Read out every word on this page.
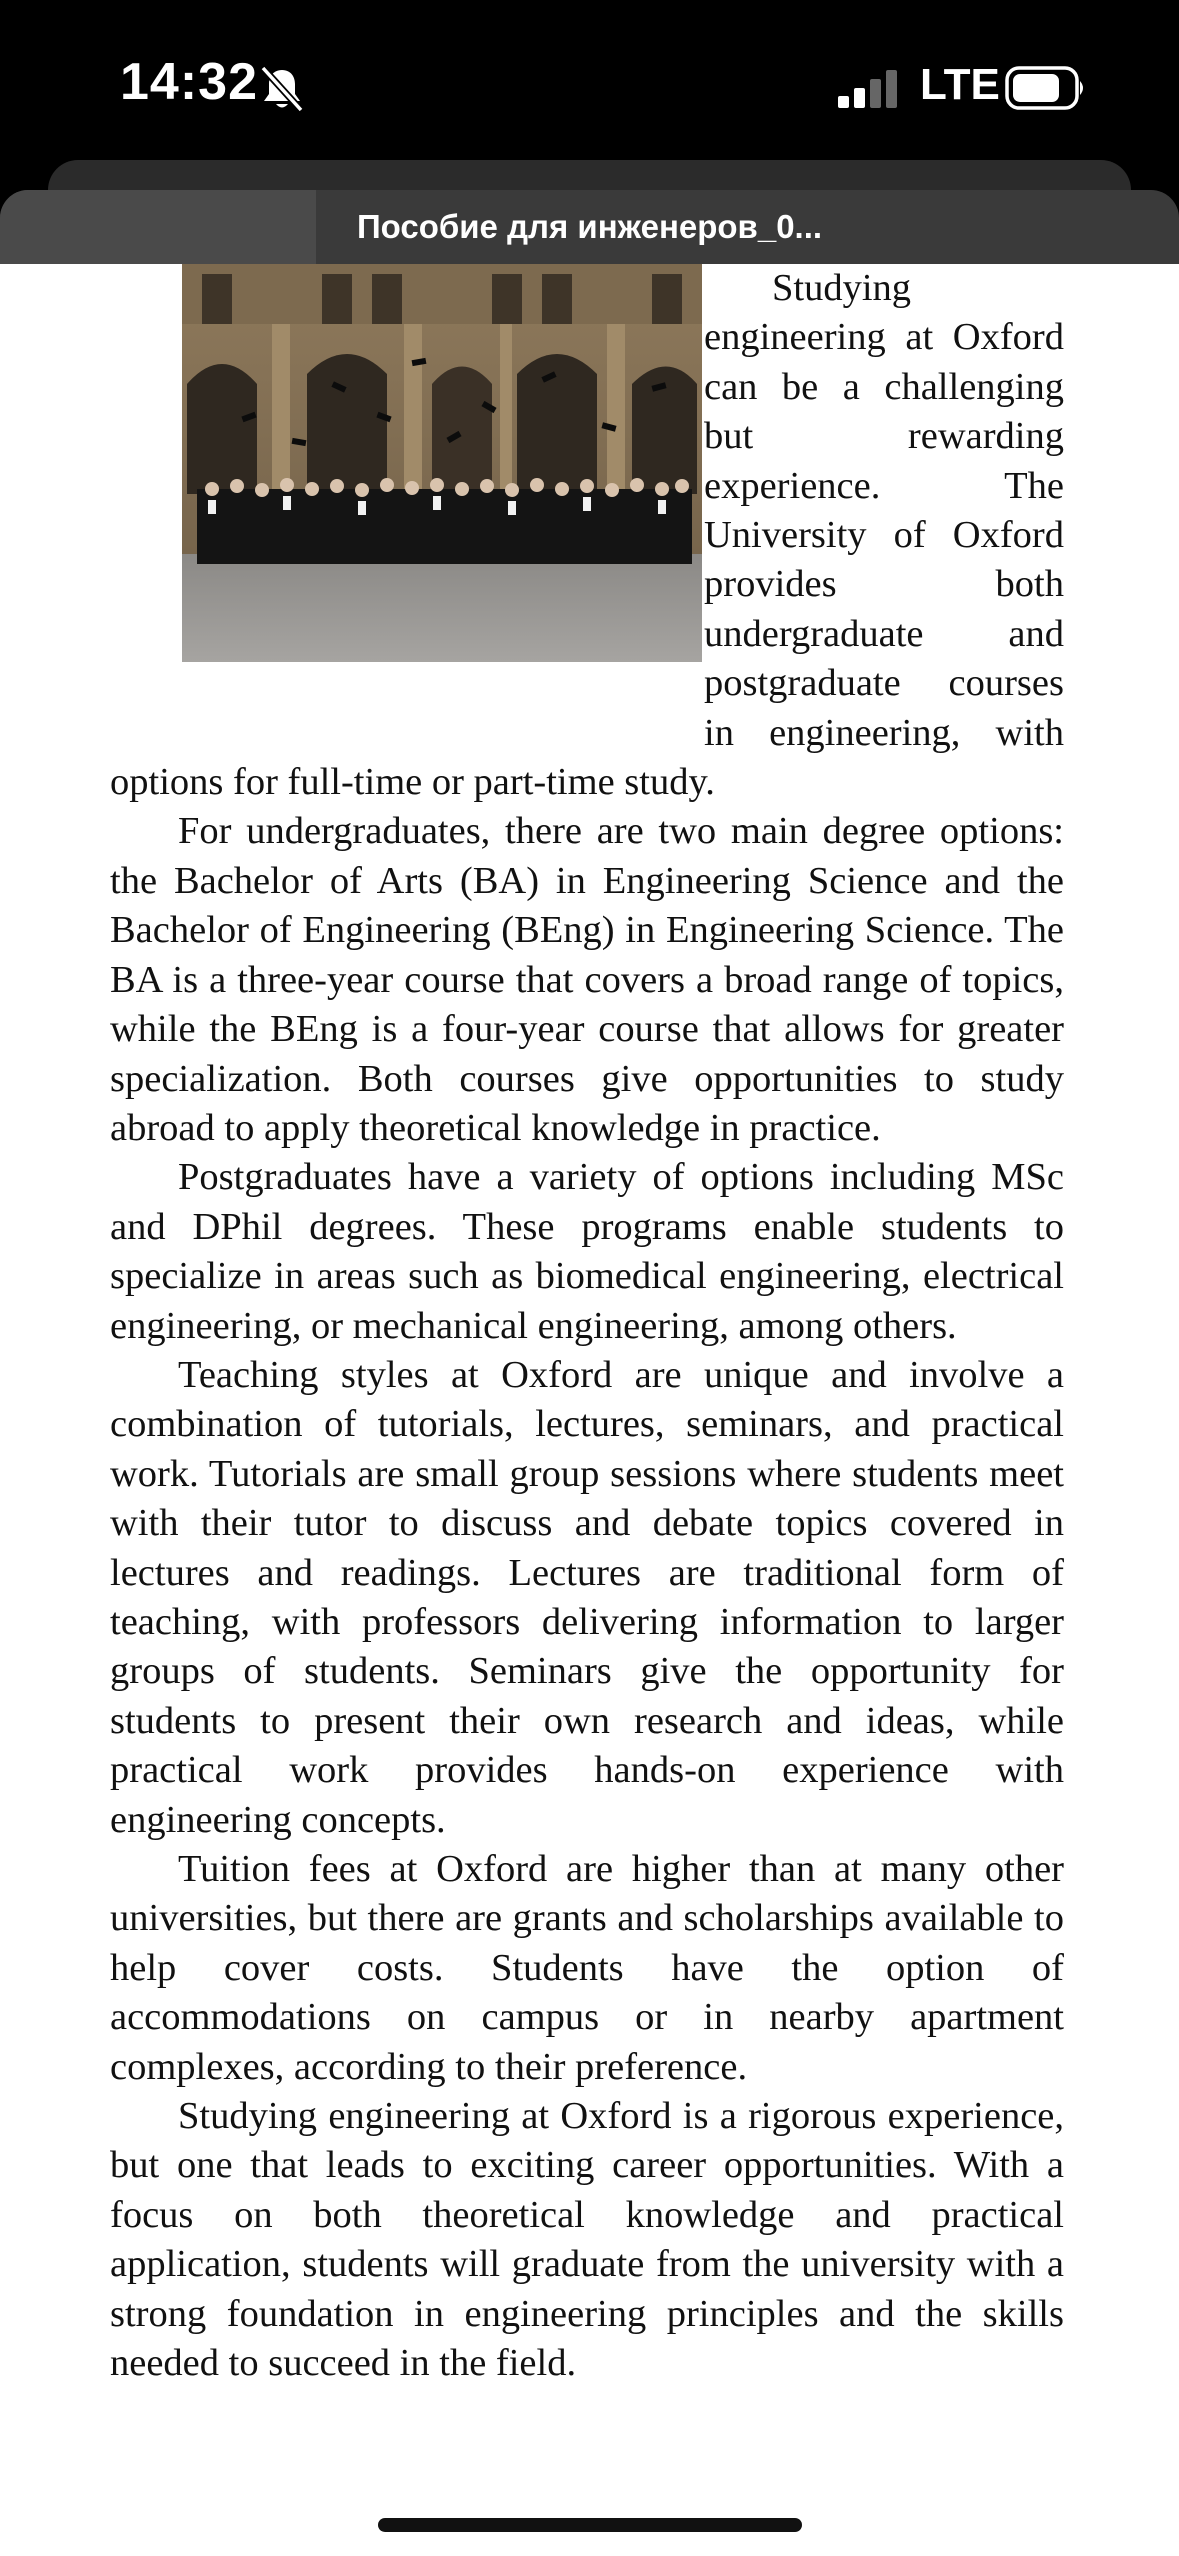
14:32	LTE
Пособие для инженеров_0...

Studying engineering at Oxford can be a challenging but rewarding experience. The University of Oxford provides both undergraduate and postgraduate courses in engineering, with options for full-time or part-time study.

For undergraduates, there are two main degree options: the Bachelor of Arts (BA) in Engineering Science and the Bachelor of Engineering (BEng) in Engineering Science. The BA is a three-year course that covers a broad range of topics, while the BEng is a four-year course that allows for greater specialization. Both courses give opportunities to study abroad to apply theoretical knowledge in practice.

Postgraduates have a variety of options including MSc and DPhil degrees. These programs enable students to specialize in areas such as biomedical engineering, electrical engineering, or mechanical engineering, among others.

Teaching styles at Oxford are unique and involve a combination of tutorials, lectures, seminars, and practical work. Tutorials are small group sessions where students meet with their tutor to discuss and debate topics covered in lectures and readings. Lectures are traditional form of teaching, with professors delivering information to larger groups of students. Seminars give the opportunity for students to present their own research and ideas, while practical work provides hands-on experience with engineering concepts.

Tuition fees at Oxford are higher than at many other universities, but there are grants and scholarships available to help cover costs. Students have the option of accommodations on campus or in nearby apartment complexes, according to their preference.

Studying engineering at Oxford is a rigorous experience, but one that leads to exciting career opportunities. With a focus on both theoretical knowledge and practical application, students will graduate from the university with a strong foundation in engineering principles and the skills needed to succeed in the field.
